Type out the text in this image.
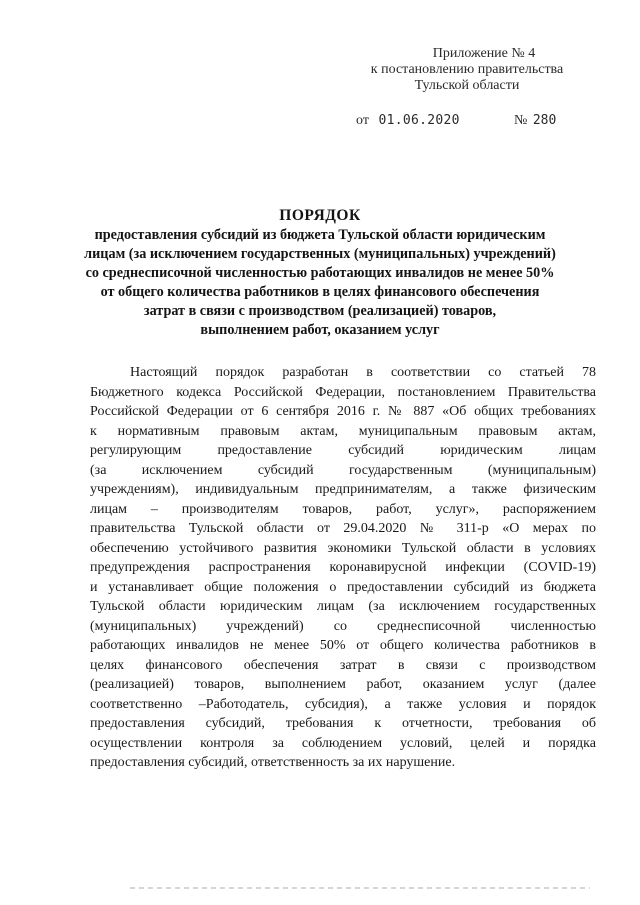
Приложение № 4
к постановлению правительства
Тульской области
от 01.06.2020	№ 280
ПОРЯДОК
предоставления субсидий из бюджета Тульской области юридическим
лицам (за исключением государственных (муниципальных) учреждений)
со среднесписочной численностью работающих инвалидов не менее 50%
от общего количества работников в целях финансового обеспечения
затрат в связи с производством (реализацией) товаров,
выполнением работ, оказанием услуг
Настоящий порядок разработан в соответствии со статьей 78
Бюджетного кодекса Российской Федерации, постановлением Правительства
Российской Федерации от 6 сентября 2016 г. № 887 «Об общих требованиях
к нормативным правовым актам, муниципальным правовым актам,
регулирующим предоставление субсидий юридическим лицам
(за исключением субсидий государственным (муниципальным)
учреждениям), индивидуальным предпринимателям, а также физическим
лицам – производителям товаров, работ, услуг», распоряжением
правительства Тульской области от 29.04.2020 № 311-р «О мерах по
обеспечению устойчивого развития экономики Тульской области в условиях
предупреждения распространения коронавирусной инфекции (COVID-19)
и устанавливает общие положения о предоставлении субсидий из бюджета
Тульской области юридическим лицам (за исключением государственных
(муниципальных) учреждений) со среднесписочной численностью
работающих инвалидов не менее 50% от общего количества работников в
целях финансового обеспечения затрат в связи с производством
(реализацией) товаров, выполнением работ, оказанием услуг (далее
соответственно –Работодатель, субсидия), а также условия и порядок
предоставления субсидий, требования к отчетности, требования об
осуществлении контроля за соблюдением условий, целей и порядка
предоставления субсидий, ответственность за их нарушение.
